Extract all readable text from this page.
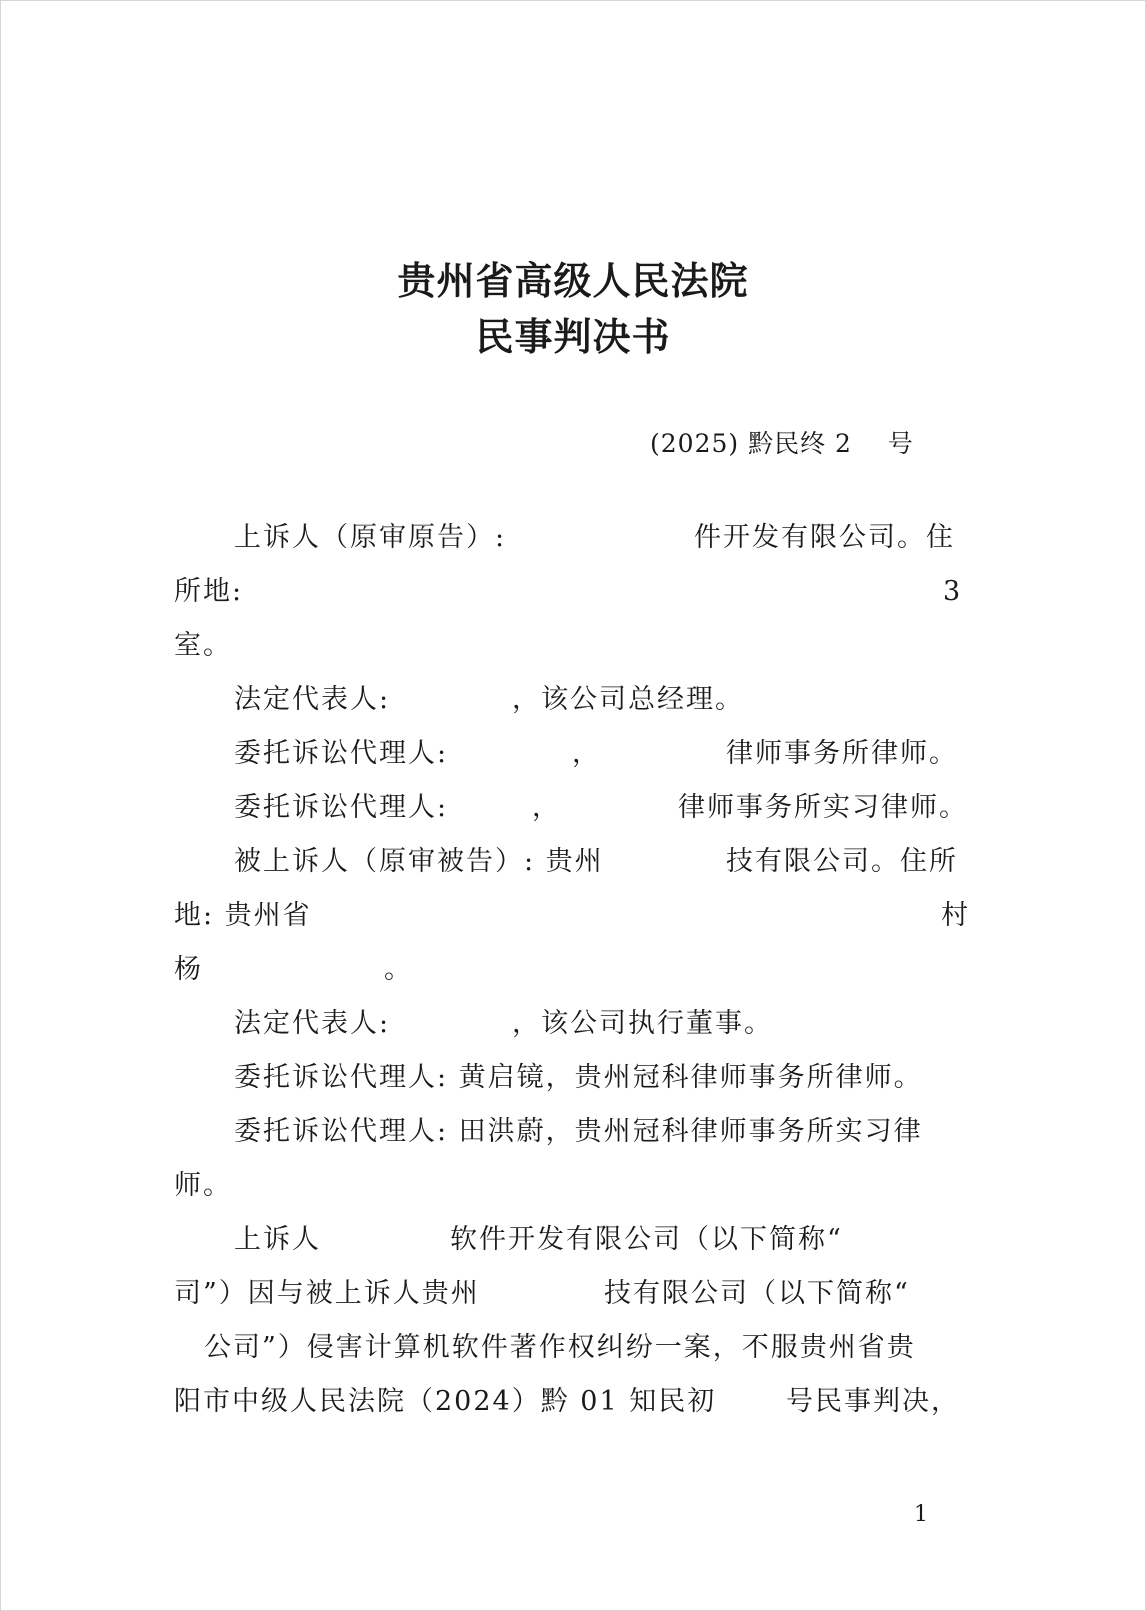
贵州省高级人民法院
民事判决书
(2025) 黔民终 2    号
上诉人（原审原告）:	件开发有限公司。住
所地:	3
室。
法定代表人:	，该公司总经理。
委托诉讼代理人:	，	律师事务所律师。
委托诉讼代理人:	，	律师事务所实习律师。
被上诉人（原审被告）: 贵州	技有限公司。住所
地: 贵州省	村
杨	。
法定代表人:	，该公司执行董事。
委托诉讼代理人: 黄启镜，贵州冠科律师事务所律师。
委托诉讼代理人: 田洪蔚，贵州冠科律师事务所实习律
师。
上诉人	软件开发有限公司（以下简称“
司”）因与被上诉人贵州	技有限公司（以下简称“
公司”）侵害计算机软件著作权纠纷一案，不服贵州省贵
阳市中级人民法院（2024）黔 01 知民初	号民事判决，
1
